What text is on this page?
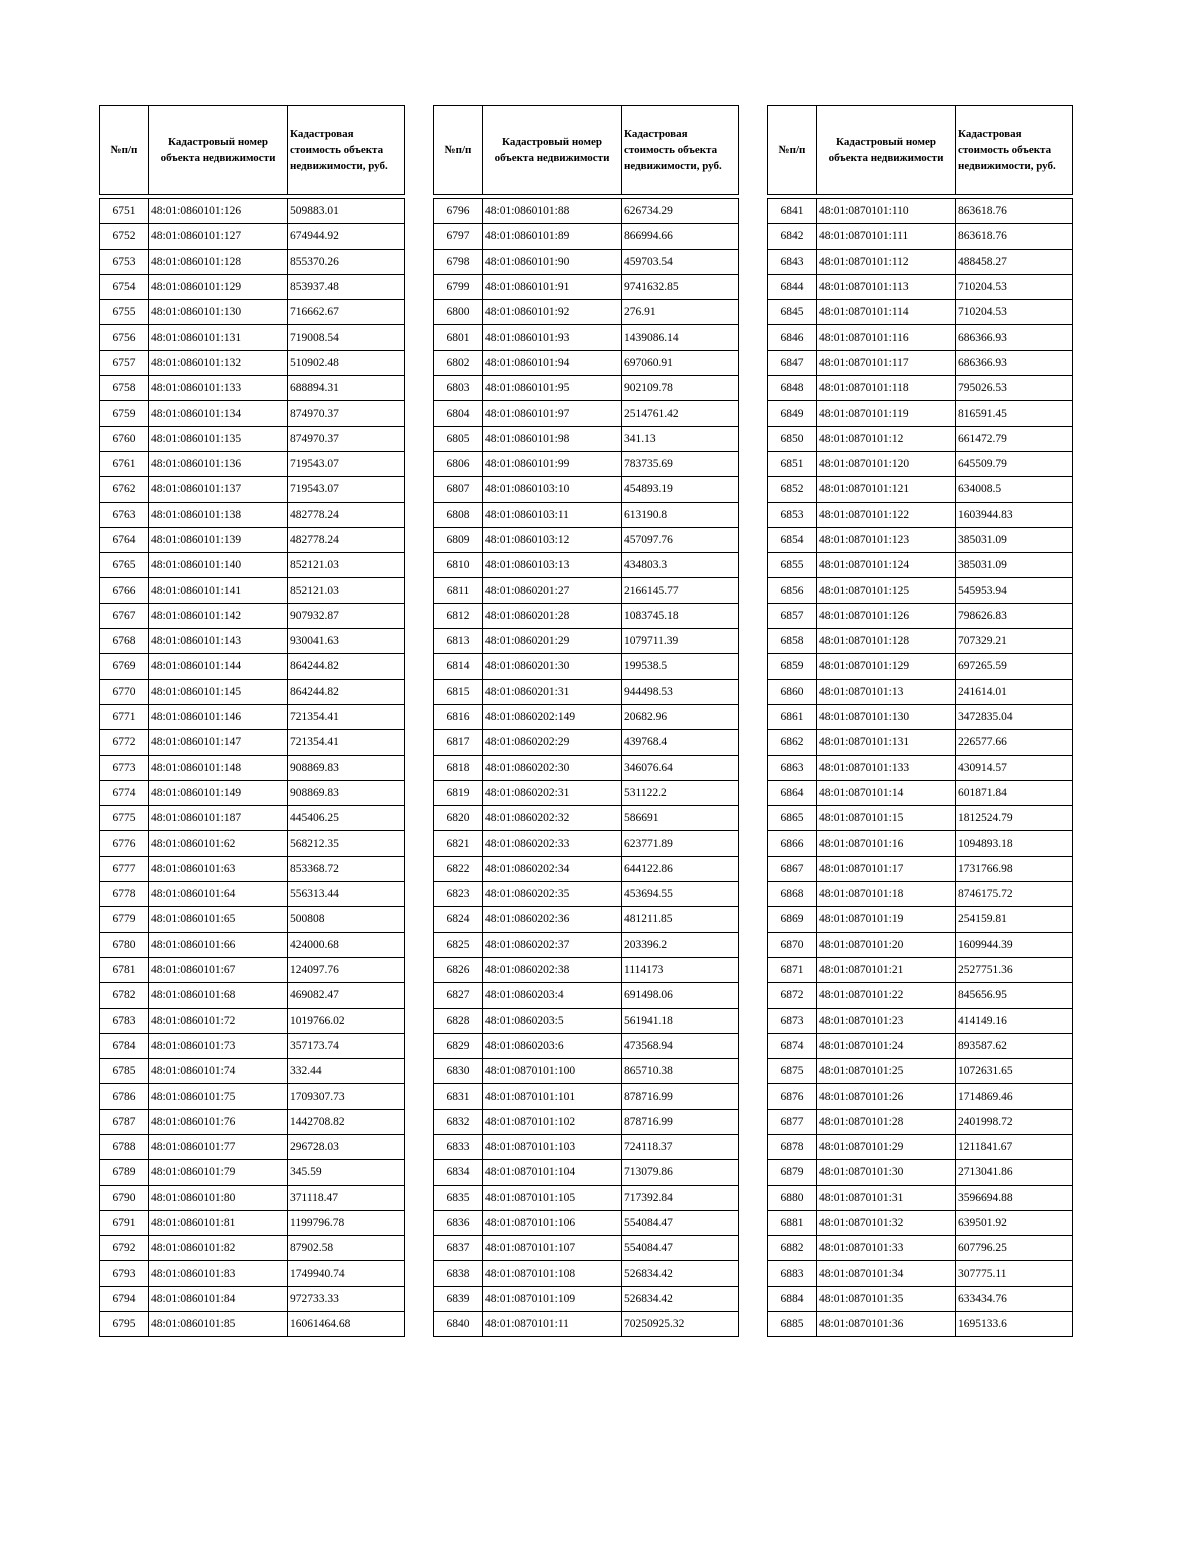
№п/п	Кадастровый номер объекта недвижимости	Кадастровая стоимость объекта недвижимости, руб.

6751	48:01:0860101:126	509883.01
6752	48:01:0860101:127	674944.92
6753	48:01:0860101:128	855370.26
6754	48:01:0860101:129	853937.48
6755	48:01:0860101:130	716662.67
6756	48:01:0860101:131	719008.54
6757	48:01:0860101:132	510902.48
6758	48:01:0860101:133	688894.31
6759	48:01:0860101:134	874970.37
6760	48:01:0860101:135	874970.37
6761	48:01:0860101:136	719543.07
6762	48:01:0860101:137	719543.07
6763	48:01:0860101:138	482778.24
6764	48:01:0860101:139	482778.24
6765	48:01:0860101:140	852121.03
6766	48:01:0860101:141	852121.03
6767	48:01:0860101:142	907932.87
6768	48:01:0860101:143	930041.63
6769	48:01:0860101:144	864244.82
6770	48:01:0860101:145	864244.82
6771	48:01:0860101:146	721354.41
6772	48:01:0860101:147	721354.41
6773	48:01:0860101:148	908869.83
6774	48:01:0860101:149	908869.83
6775	48:01:0860101:187	445406.25
6776	48:01:0860101:62	568212.35
6777	48:01:0860101:63	853368.72
6778	48:01:0860101:64	556313.44
6779	48:01:0860101:65	500808
6780	48:01:0860101:66	424000.68
6781	48:01:0860101:67	124097.76
6782	48:01:0860101:68	469082.47
6783	48:01:0860101:72	1019766.02
6784	48:01:0860101:73	357173.74
6785	48:01:0860101:74	332.44
6786	48:01:0860101:75	1709307.73
6787	48:01:0860101:76	1442708.82
6788	48:01:0860101:77	296728.03
6789	48:01:0860101:79	345.59
6790	48:01:0860101:80	371118.47
6791	48:01:0860101:81	1199796.78
6792	48:01:0860101:82	87902.58
6793	48:01:0860101:83	1749940.74
6794	48:01:0860101:84	972733.33
6795	48:01:0860101:85	16061464.68
№п/п	Кадастровый номер объекта недвижимости	Кадастровая стоимость объекта недвижимости, руб.

6796	48:01:0860101:88	626734.29
6797	48:01:0860101:89	866994.66
6798	48:01:0860101:90	459703.54
6799	48:01:0860101:91	9741632.85
6800	48:01:0860101:92	276.91
6801	48:01:0860101:93	1439086.14
6802	48:01:0860101:94	697060.91
6803	48:01:0860101:95	902109.78
6804	48:01:0860101:97	2514761.42
6805	48:01:0860101:98	341.13
6806	48:01:0860101:99	783735.69
6807	48:01:0860103:10	454893.19
6808	48:01:0860103:11	613190.8
6809	48:01:0860103:12	457097.76
6810	48:01:0860103:13	434803.3
6811	48:01:0860201:27	2166145.77
6812	48:01:0860201:28	1083745.18
6813	48:01:0860201:29	1079711.39
6814	48:01:0860201:30	199538.5
6815	48:01:0860201:31	944498.53
6816	48:01:0860202:149	20682.96
6817	48:01:0860202:29	439768.4
6818	48:01:0860202:30	346076.64
6819	48:01:0860202:31	531122.2
6820	48:01:0860202:32	586691
6821	48:01:0860202:33	623771.89
6822	48:01:0860202:34	644122.86
6823	48:01:0860202:35	453694.55
6824	48:01:0860202:36	481211.85
6825	48:01:0860202:37	203396.2
6826	48:01:0860202:38	1114173
6827	48:01:0860203:4	691498.06
6828	48:01:0860203:5	561941.18
6829	48:01:0860203:6	473568.94
6830	48:01:0870101:100	865710.38
6831	48:01:0870101:101	878716.99
6832	48:01:0870101:102	878716.99
6833	48:01:0870101:103	724118.37
6834	48:01:0870101:104	713079.86
6835	48:01:0870101:105	717392.84
6836	48:01:0870101:106	554084.47
6837	48:01:0870101:107	554084.47
6838	48:01:0870101:108	526834.42
6839	48:01:0870101:109	526834.42
6840	48:01:0870101:11	70250925.32
№п/п	Кадастровый номер объекта недвижимости	Кадастровая стоимость объекта недвижимости, руб.

6841	48:01:0870101:110	863618.76
6842	48:01:0870101:111	863618.76
6843	48:01:0870101:112	488458.27
6844	48:01:0870101:113	710204.53
6845	48:01:0870101:114	710204.53
6846	48:01:0870101:116	686366.93
6847	48:01:0870101:117	686366.93
6848	48:01:0870101:118	795026.53
6849	48:01:0870101:119	816591.45
6850	48:01:0870101:12	661472.79
6851	48:01:0870101:120	645509.79
6852	48:01:0870101:121	634008.5
6853	48:01:0870101:122	1603944.83
6854	48:01:0870101:123	385031.09
6855	48:01:0870101:124	385031.09
6856	48:01:0870101:125	545953.94
6857	48:01:0870101:126	798626.83
6858	48:01:0870101:128	707329.21
6859	48:01:0870101:129	697265.59
6860	48:01:0870101:13	241614.01
6861	48:01:0870101:130	3472835.04
6862	48:01:0870101:131	226577.66
6863	48:01:0870101:133	430914.57
6864	48:01:0870101:14	601871.84
6865	48:01:0870101:15	1812524.79
6866	48:01:0870101:16	1094893.18
6867	48:01:0870101:17	1731766.98
6868	48:01:0870101:18	8746175.72
6869	48:01:0870101:19	254159.81
6870	48:01:0870101:20	1609944.39
6871	48:01:0870101:21	2527751.36
6872	48:01:0870101:22	845656.95
6873	48:01:0870101:23	414149.16
6874	48:01:0870101:24	893587.62
6875	48:01:0870101:25	1072631.65
6876	48:01:0870101:26	1714869.46
6877	48:01:0870101:28	2401998.72
6878	48:01:0870101:29	1211841.67
6879	48:01:0870101:30	2713041.86
6880	48:01:0870101:31	3596694.88
6881	48:01:0870101:32	639501.92
6882	48:01:0870101:33	607796.25
6883	48:01:0870101:34	307775.11
6884	48:01:0870101:35	633434.76
6885	48:01:0870101:36	1695133.6
